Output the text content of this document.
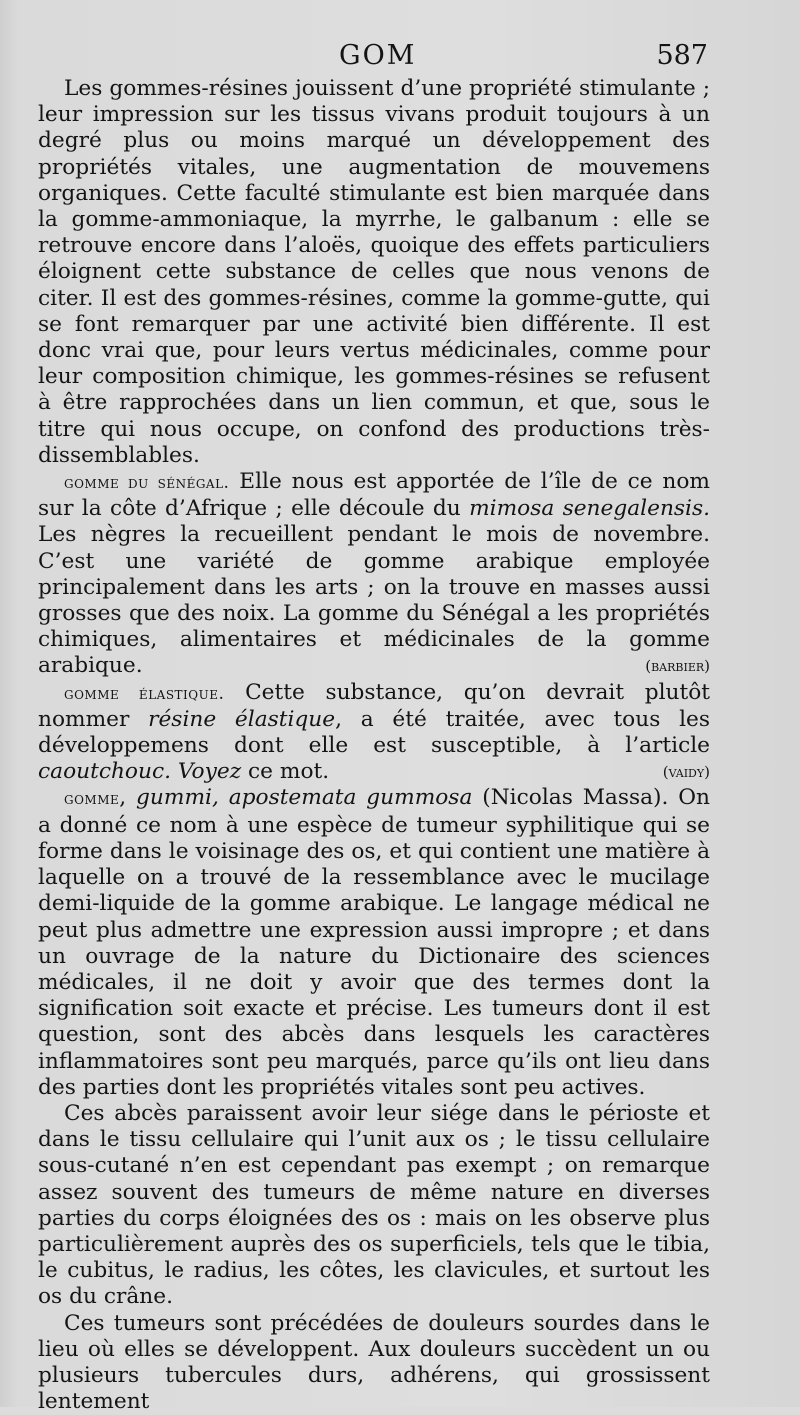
GOM	587

Les gommes-résines jouissent d’une propriété stimulante ; leur impression sur les tissus vivans produit toujours à un degré plus ou moins marqué un développement des propriétés vitales, une augmentation de mouvemens organiques. Cette faculté stimulante est bien marquée dans la gomme-ammoniaque, la myrrhe, le galbanum : elle se retrouve encore dans l’aloës, quoique des effets particuliers éloignent cette substance de celles que nous venons de citer. Il est des gommes-résines, comme la gomme-gutte, qui se font remarquer par une activité bien différente. Il est donc vrai que, pour leurs vertus médicinales, comme pour leur composition chimique, les gommes-résines se refusent à être rapprochées dans un lien commun, et que, sous le titre qui nous occupe, on confond des productions très-dissemblables.

gomme du sénégal. Elle nous est apportée de l’île de ce nom sur la côte d’Afrique ; elle découle du mimosa senegalensis. Les nègres la recueillent pendant le mois de novembre. C’est une variété de gomme arabique employée principalement dans les arts ; on la trouve en masses aussi grosses que des noix. La gomme du Sénégal a les propriétés chimiques, alimentaires et médicinales de la gomme arabique.	(barbier)

gomme élastique. Cette substance, qu’on devrait plutôt nommer résine élastique, a été traitée, avec tous les développemens dont elle est susceptible, à l’article caoutchouc. Voyez ce mot.	(vaidy)

gomme, gummi, apostemata gummosa (Nicolas Massa). On a donné ce nom à une espèce de tumeur syphilitique qui se forme dans le voisinage des os, et qui contient une matière à laquelle on a trouvé de la ressemblance avec le mucilage demi-liquide de la gomme arabique. Le langage médical ne peut plus admettre une expression aussi impropre ; et dans un ouvrage de la nature du Dictionaire des sciences médicales, il ne doit y avoir que des termes dont la signification soit exacte et précise. Les tumeurs dont il est question, sont des abcès dans lesquels les caractères inflammatoires sont peu marqués, parce qu’ils ont lieu dans des parties dont les propriétés vitales sont peu actives.

Ces abcès paraissent avoir leur siége dans le périoste et dans le tissu cellulaire qui l’unit aux os ; le tissu cellulaire sous-cutané n’en est cependant pas exempt ; on remarque assez souvent des tumeurs de même nature en diverses parties du corps éloignées des os : mais on les observe plus particulièrement auprès des os superficiels, tels que le tibia, le cubitus, le radius, les côtes, les clavicules, et surtout les os du crâne.

Ces tumeurs sont précédées de douleurs sourdes dans le lieu où elles se développent. Aux douleurs succèdent un ou plusieurs tubercules durs, adhérens, qui grossissent lentement
